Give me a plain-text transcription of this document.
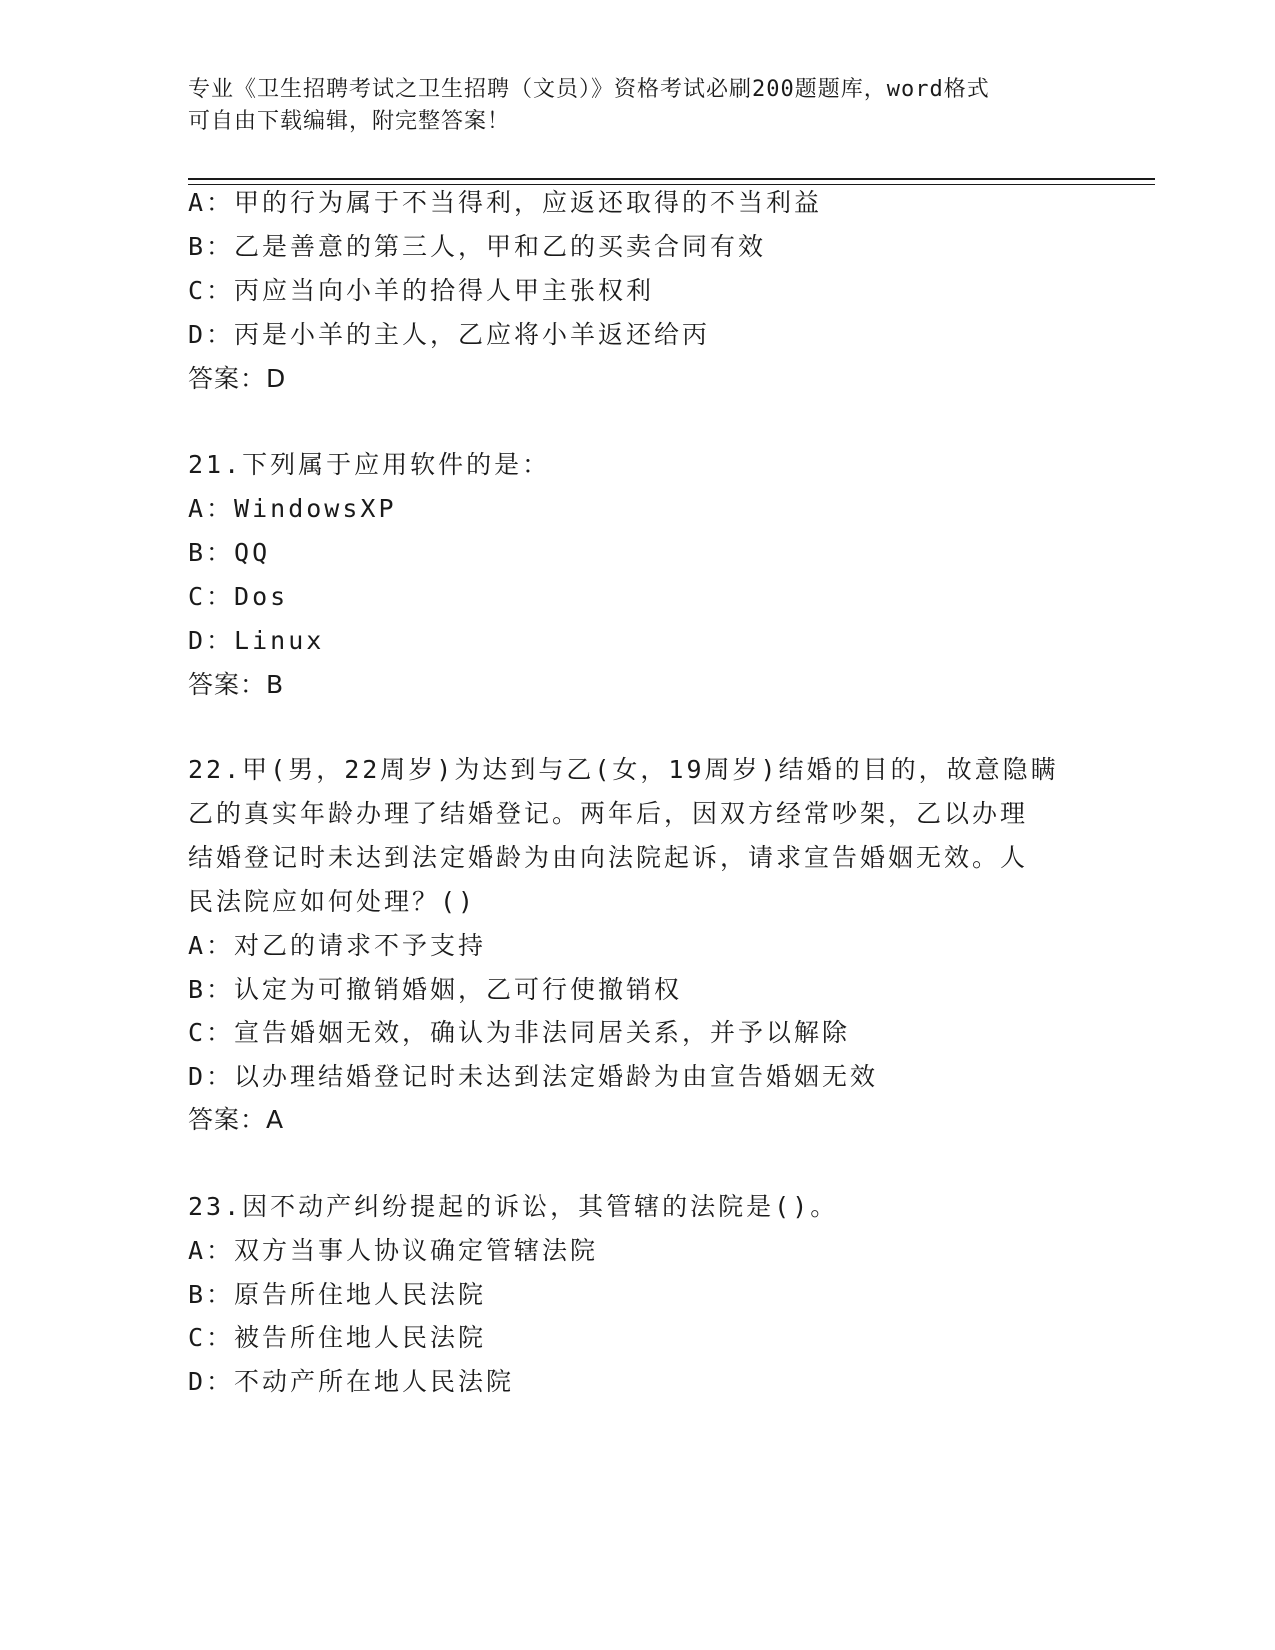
专业《卫生招聘考试之卫生招聘（文员）》资格考试必刷200题题库，word格式
可自由下载编辑，附完整答案！
A：甲的行为属于不当得利，应返还取得的不当利益
B：乙是善意的第三人，甲和乙的买卖合同有效
C：丙应当向小羊的拾得人甲主张权利
D：丙是小羊的主人，乙应将小羊返还给丙
答案：D
21.下列属于应用软件的是：
A：WindowsXP
B：QQ
C：Dos
D：Linux
答案：B
22.甲(男，22周岁)为达到与乙(女，19周岁)结婚的目的，故意隐瞒
乙的真实年龄办理了结婚登记。两年后，因双方经常吵架，乙以办理
结婚登记时未达到法定婚龄为由向法院起诉，请求宣告婚姻无效。人
民法院应如何处理？()
A：对乙的请求不予支持
B：认定为可撤销婚姻，乙可行使撤销权
C：宣告婚姻无效，确认为非法同居关系，并予以解除
D：以办理结婚登记时未达到法定婚龄为由宣告婚姻无效
答案：A
23.因不动产纠纷提起的诉讼，其管辖的法院是()。
A：双方当事人协议确定管辖法院
B：原告所住地人民法院
C：被告所住地人民法院
D：不动产所在地人民法院
